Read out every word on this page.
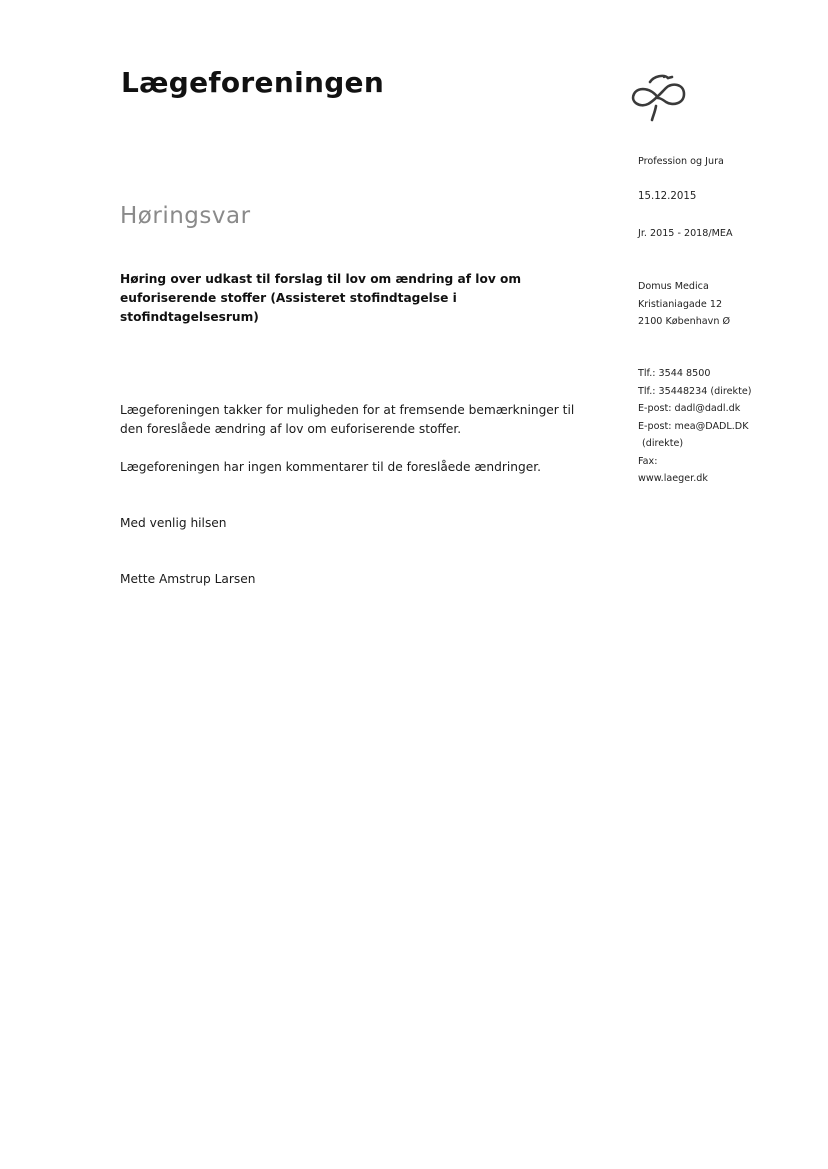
Lægeforeningen
Høringsvar

Høring over udkast til forslag til lov om ændring af lov om euforiserende stoffer (Assisteret stofindtagelse i stofindtagelsesrum)

Lægeforeningen takker for muligheden for at fremsende bemærkninger til den foreslåede ændring af lov om euforiserende stoffer.

Lægeforeningen har ingen kommentarer til de foreslåede ændringer.

Med venlig hilsen

Mette Amstrup Larsen

Profession og Jura
15.12.2015
Jr. 2015 - 2018/MEA
Domus Medica
Kristianiagade 12
2100 København Ø
Tlf.: 3544 8500
Tlf.: 35448234 (direkte)
E-post: dadl@dadl.dk
E-post: mea@DADL.DK
(direkte)
Fax:
www.laeger.dk
